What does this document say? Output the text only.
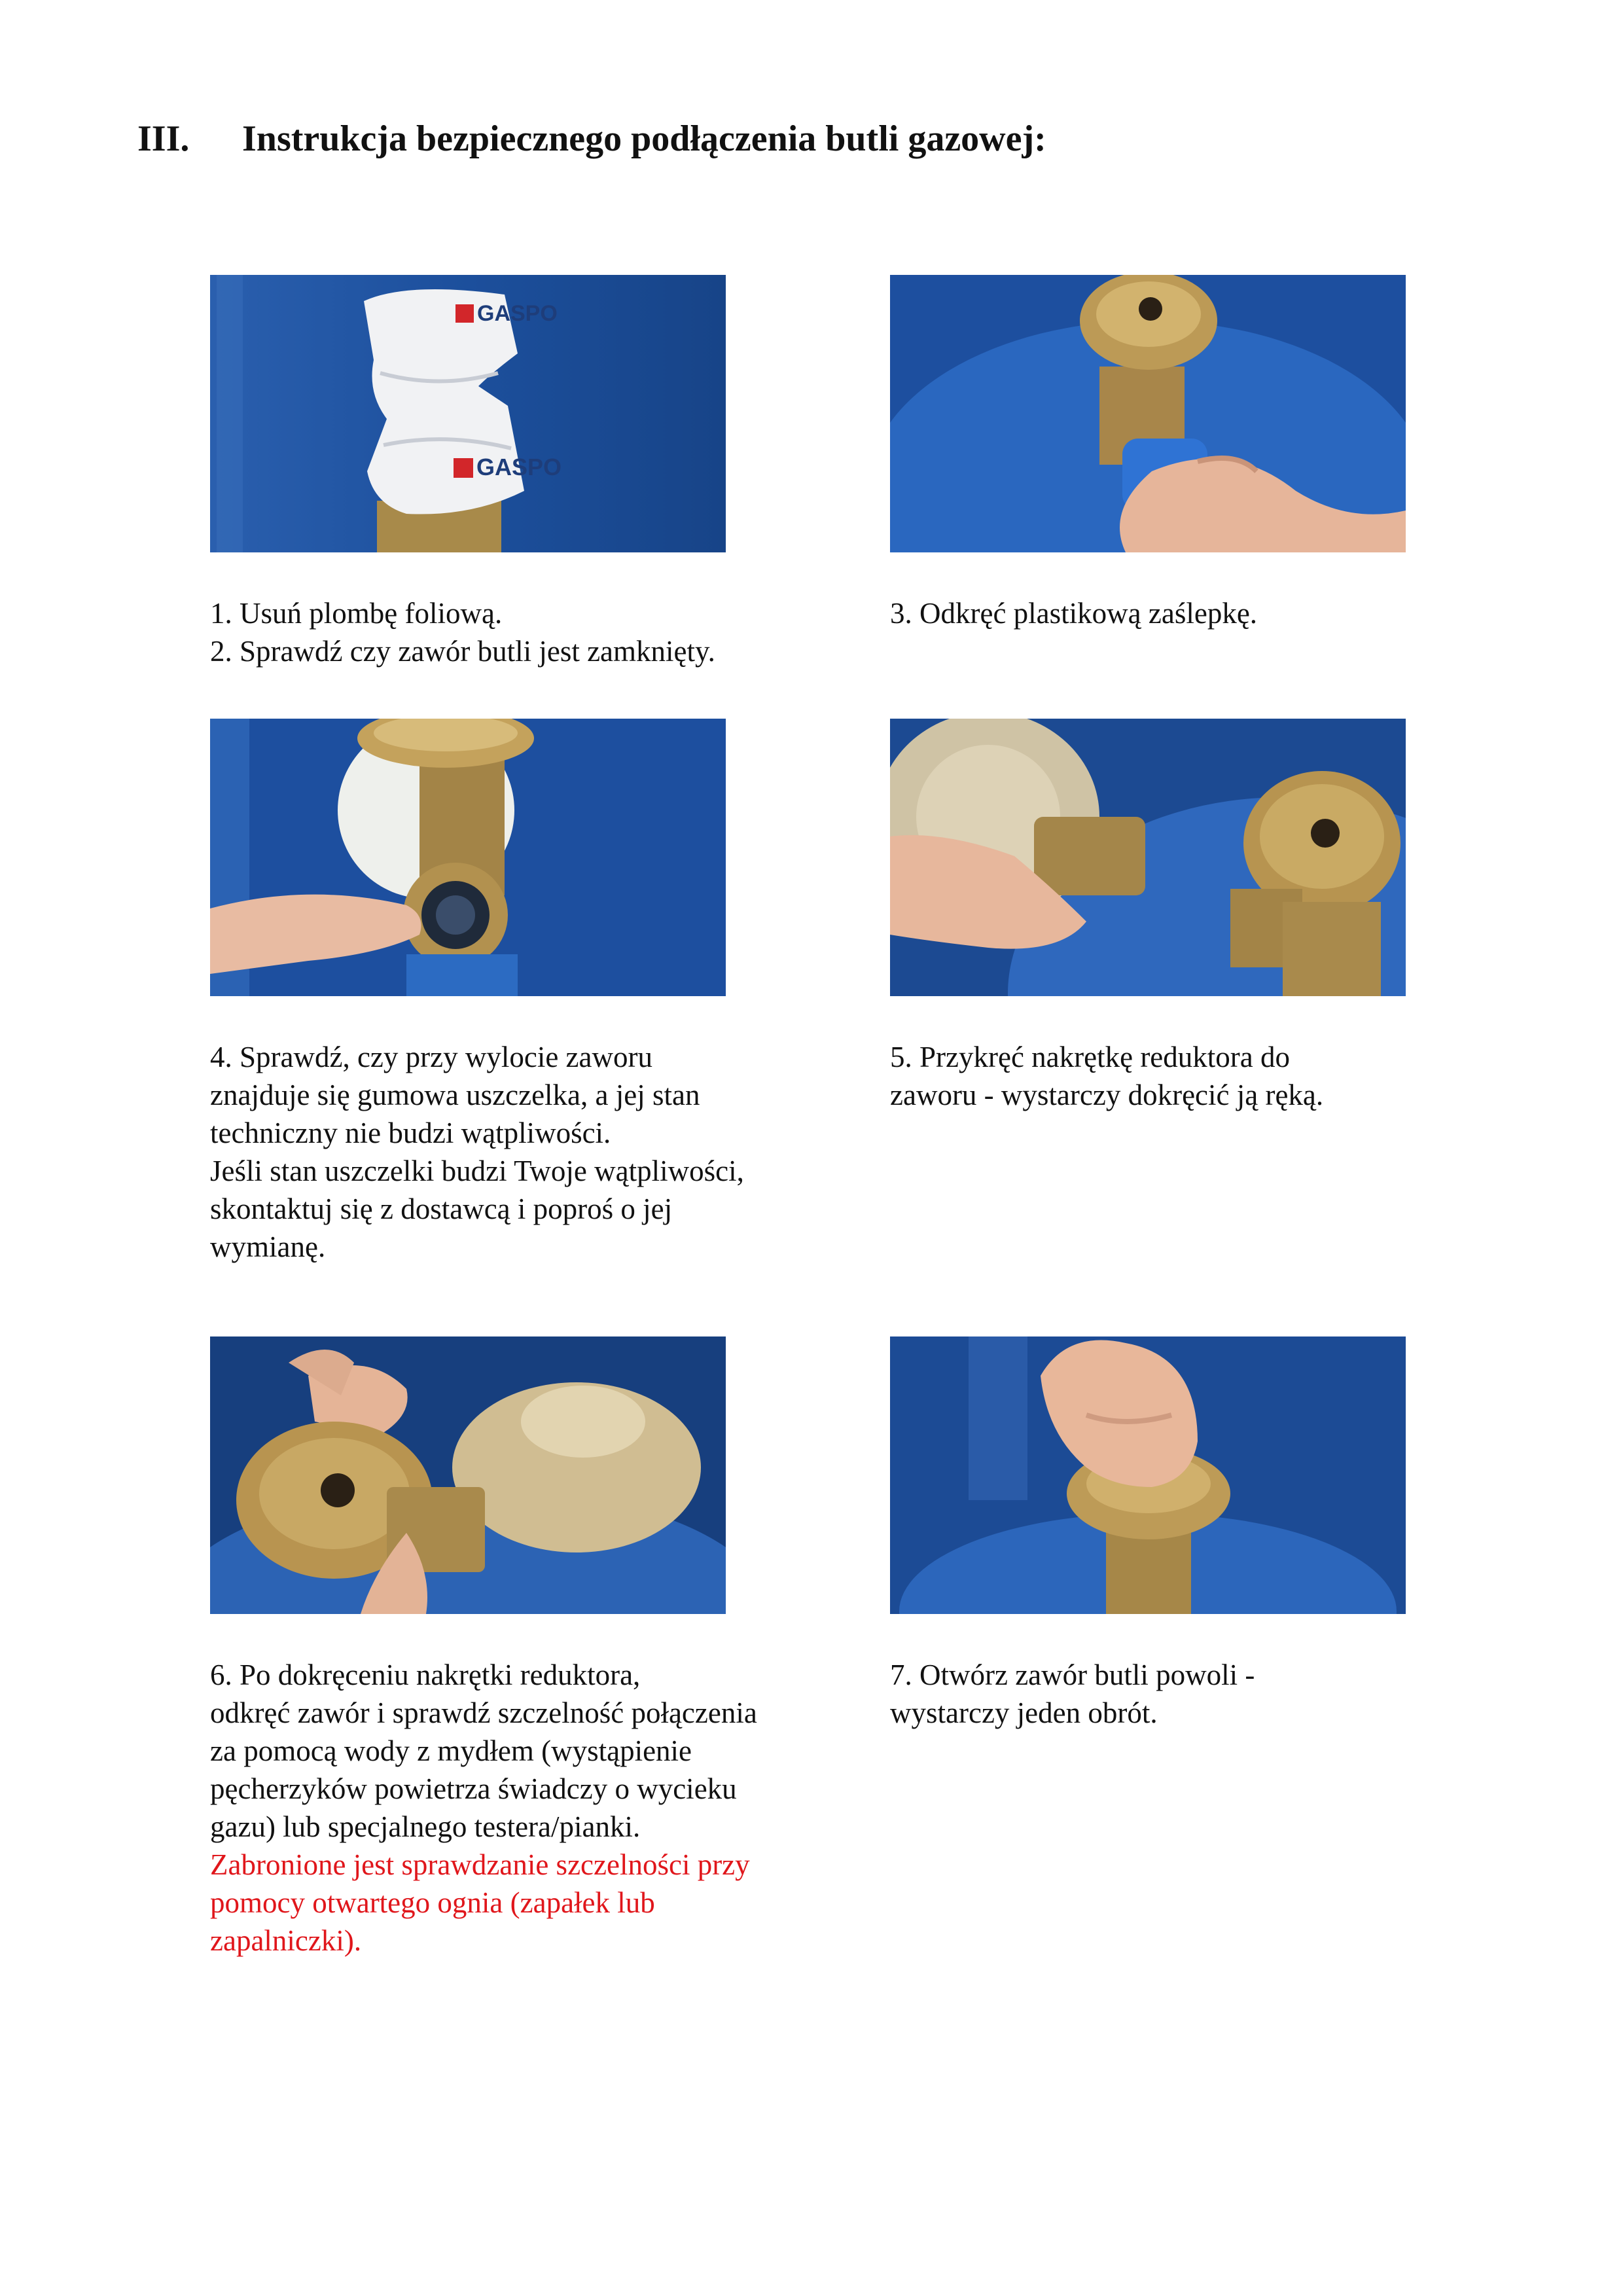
III. Instrukcja bezpiecznego podłączenia butli gazowej:
GASPO
GASPO

1. Usuń plombę foliową.

2. Sprawdź czy zawór butli jest zamknięty.

3. Odkręć plastikową zaślepkę.

4. Sprawdź, czy przy wylocie zaworu

znajduje się gumowa uszczelka, a jej stan

techniczny nie budzi wątpliwości.

Jeśli stan uszczelki budzi Twoje wątpliwości,

skontaktuj się z dostawcą i poproś o jej

wymianę.

5. Przykręć nakrętkę reduktora do

zaworu - wystarczy dokręcić ją ręką.

6. Po dokręceniu nakrętki reduktora,

odkręć zawór i sprawdź szczelność połączenia

za pomocą wody z mydłem (wystąpienie

pęcherzyków powietrza świadczy o wycieku

gazu) lub specjalnego testera/pianki.

Zabronione jest sprawdzanie szczelności przy

pomocy otwartego ognia (zapałek lub

zapalniczki).

7. Otwórz zawór butli powoli -

wystarczy jeden obrót.
